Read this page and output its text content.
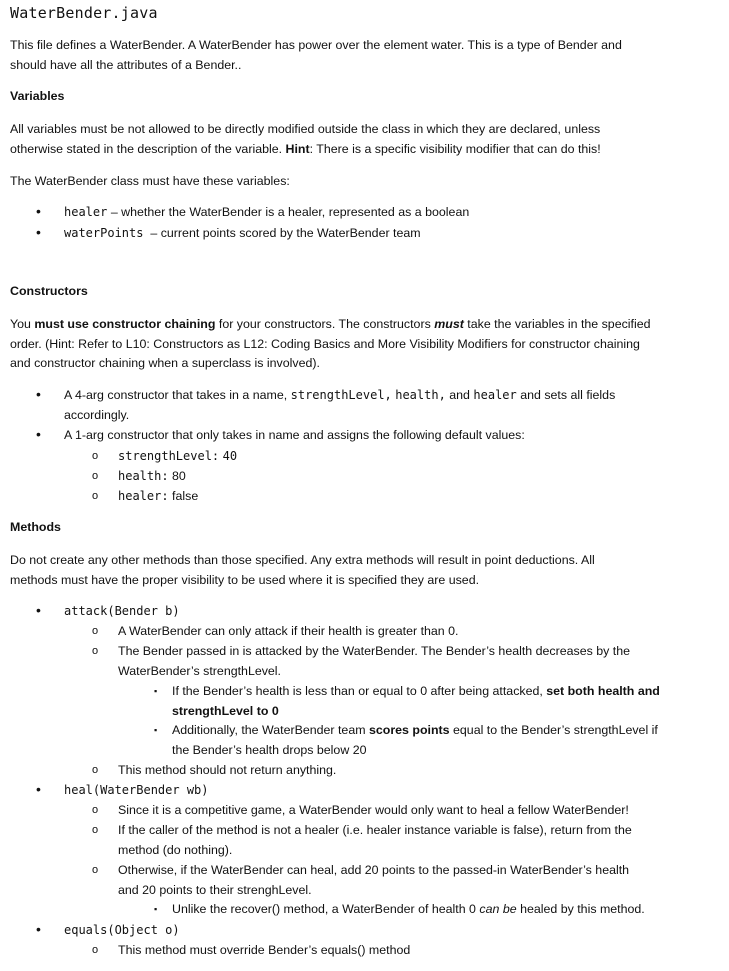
WaterBender.java
This file defines a WaterBender. A WaterBender has power over the element water. This is a type of Bender and
should have all the attributes of a Bender..
Variables
All variables must be not allowed to be directly modified outside the class in which they are declared, unless
otherwise stated in the description of the variable. Hint: There is a specific visibility modifier that can do this!
The WaterBender class must have these variables:
• healer – whether the WaterBender is a healer, represented as a boolean
• waterPoints – current points scored by the WaterBender team
Constructors
You must use constructor chaining for your constructors. The constructors must take the variables in the specified
order. (Hint: Refer to L10: Constructors as L12: Coding Basics and More Visibility Modifiers for constructor chaining
and constructor chaining when a superclass is involved).
• A 4-arg constructor that takes in a name, strengthLevel, health, and healer and sets all fields
accordingly.
• A 1-arg constructor that only takes in name and assigns the following default values:
o strengthLevel: 40
o health: 80
o healer: false
Methods
Do not create any other methods than those specified. Any extra methods will result in point deductions. All
methods must have the proper visibility to be used where it is specified they are used.
• attack(Bender b)
o A WaterBender can only attack if their health is greater than 0.
o The Bender passed in is attacked by the WaterBender. The Bender’s health decreases by the
WaterBender’s strengthLevel.
▪ If the Bender’s health is less than or equal to 0 after being attacked, set both health and
strengthLevel to 0
▪ Additionally, the WaterBender team scores points equal to the Bender’s strengthLevel if
the Bender’s health drops below 20
o This method should not return anything.
• heal(WaterBender wb)
o Since it is a competitive game, a WaterBender would only want to heal a fellow WaterBender!
o If the caller of the method is not a healer (i.e. healer instance variable is false), return from the
method (do nothing).
o Otherwise, if the WaterBender can heal, add 20 points to the passed-in WaterBender’s health
and 20 points to their strenghLevel.
▪ Unlike the recover() method, a WaterBender of health 0 can be healed by this method.
• equals(Object o)
o This method must override Bender’s equals() method
